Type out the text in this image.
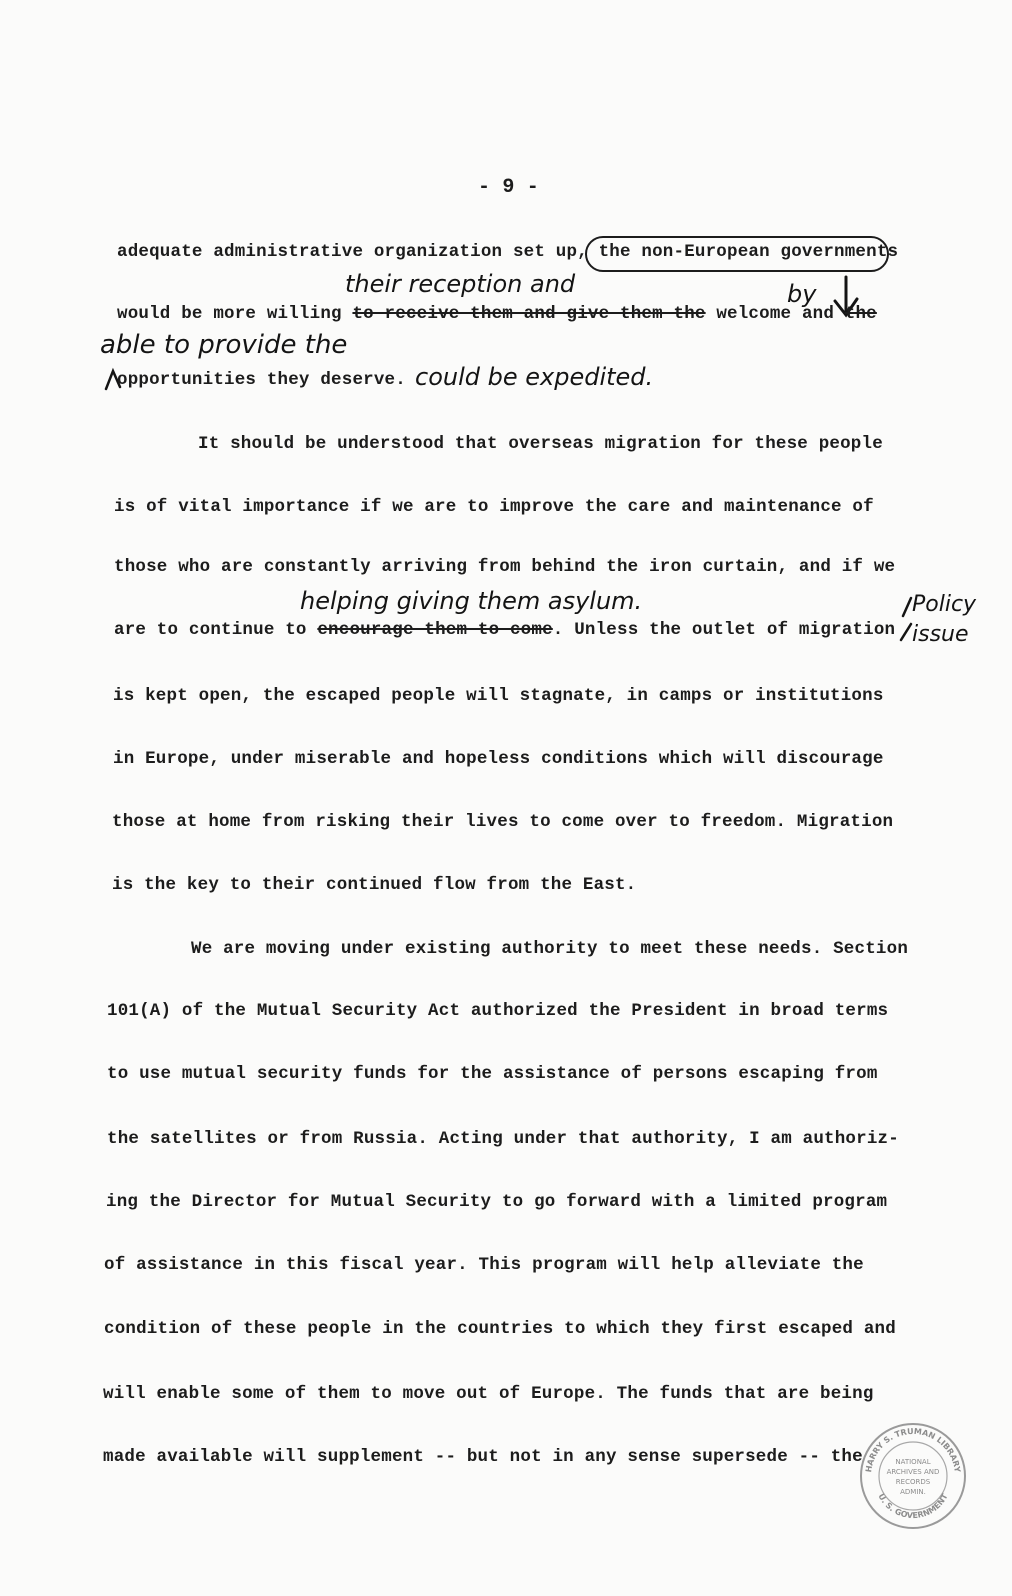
- 9 -
adequate administrative organization set up, the non-European governments
their reception and	by
would be more willing to receive them and give them the welcome and the
able to provide the
opportunities they deserve. could be expedited.
It should be understood that overseas migration for these people
is of vital importance if we are to improve the care and maintenance of
those who are constantly arriving from behind the iron curtain, and if we
helping giving them asylum.
are to continue to encourage them to come. Unless the outlet of migration
Policy
issue
is kept open, the escaped people will stagnate, in camps or institutions
in Europe, under miserable and hopeless conditions which will discourage
those at home from risking their lives to come over to freedom. Migration
is the key to their continued flow from the East.
We are moving under existing authority to meet these needs. Section
101(A) of the Mutual Security Act authorized the President in broad terms
to use mutual security funds for the assistance of persons escaping from
the satellites or from Russia. Acting under that authority, I am authoriz-
ing the Director for Mutual Security to go forward with a limited program
of assistance in this fiscal year. This program will help alleviate the
condition of these people in the countries to which they first escaped and
will enable some of them to move out of Europe. The funds that are being
made available will supplement -- but not in any sense supersede -- the
HARRY S. TRUMAN LIBRARY
U. S. GOVERNMENT
NATIONAL
ARCHIVES AND
RECORDS
ADMIN.
